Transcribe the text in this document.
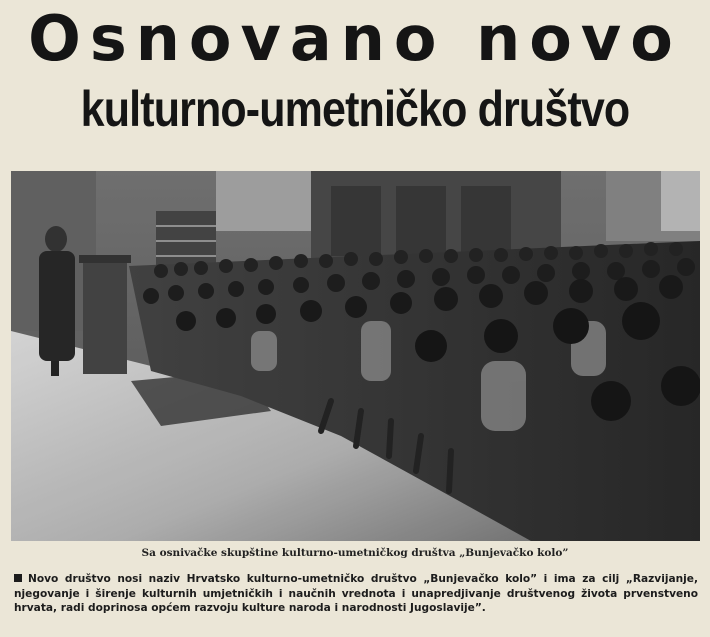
Osnovano novo
kulturno-umetničko društvo
Sa osnivačke skupštine kulturno-umetničkog društva „Bunjevačko kolo”
Novo društvo nosi naziv Hrvatsko kulturno-umetničko društvo „Bunjevačko kolo” i ima za cilj „Razvijanje, njegovanje i širenje kulturnih umjetničkih i naučnih vrednota i unapredjivanje društvenog života prvenstveno hrvata, radi doprinosa općem razvoju kulture naroda i narodnosti Jugoslavije”.
